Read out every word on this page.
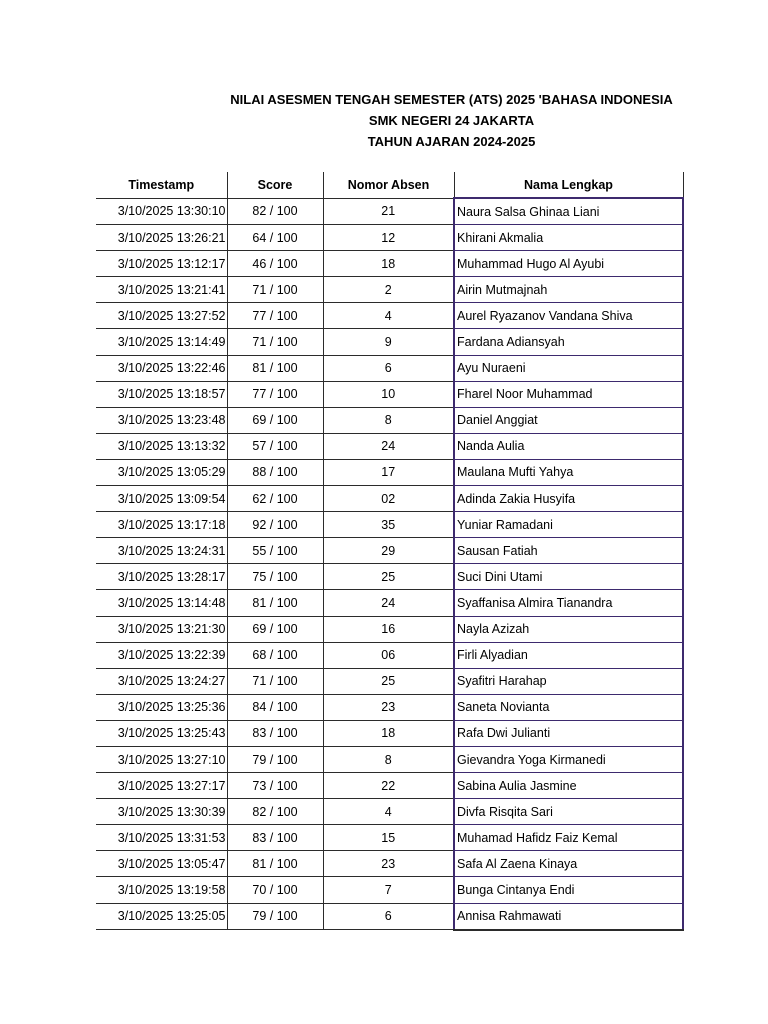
NILAI ASESMEN TENGAH SEMESTER (ATS) 2025 'BAHASA INDONESIA
SMK NEGERI 24 JAKARTA
TAHUN AJARAN 2024-2025
Timestamp	Score	Nomor Absen	Nama Lengkap
3/10/2025 13:30:10	82 / 100	21	Naura Salsa Ghinaa Liani
3/10/2025 13:26:21	64 / 100	12	Khirani Akmalia
3/10/2025 13:12:17	46 / 100	18	Muhammad Hugo Al Ayubi
3/10/2025 13:21:41	71 / 100	2	Airin Mutmajnah
3/10/2025 13:27:52	77 / 100	4	Aurel Ryazanov Vandana Shiva
3/10/2025 13:14:49	71 / 100	9	Fardana Adiansyah
3/10/2025 13:22:46	81 / 100	6	Ayu Nuraeni
3/10/2025 13:18:57	77 / 100	10	Fharel Noor Muhammad
3/10/2025 13:23:48	69 / 100	8	Daniel Anggiat
3/10/2025 13:13:32	57 / 100	24	Nanda Aulia
3/10/2025 13:05:29	88 / 100	17	Maulana Mufti Yahya
3/10/2025 13:09:54	62 / 100	02	Adinda Zakia Husyifa
3/10/2025 13:17:18	92 / 100	35	Yuniar Ramadani
3/10/2025 13:24:31	55 / 100	29	Sausan Fatiah
3/10/2025 13:28:17	75 / 100	25	Suci Dini Utami
3/10/2025 13:14:48	81 / 100	24	Syaffanisa Almira Tianandra
3/10/2025 13:21:30	69 / 100	16	Nayla Azizah
3/10/2025 13:22:39	68 / 100	06	Firli Alyadian
3/10/2025 13:24:27	71 / 100	25	Syafitri Harahap
3/10/2025 13:25:36	84 / 100	23	Saneta Novianta
3/10/2025 13:25:43	83 / 100	18	Rafa Dwi Julianti
3/10/2025 13:27:10	79 / 100	8	Gievandra Yoga Kirmanedi
3/10/2025 13:27:17	73 / 100	22	Sabina Aulia Jasmine
3/10/2025 13:30:39	82 / 100	4	Divfa Risqita Sari
3/10/2025 13:31:53	83 / 100	15	Muhamad Hafidz Faiz Kemal
3/10/2025 13:05:47	81 / 100	23	Safa Al Zaena Kinaya
3/10/2025 13:19:58	70 / 100	7	Bunga Cintanya Endi
3/10/2025 13:25:05	79 / 100	6	Annisa Rahmawati
